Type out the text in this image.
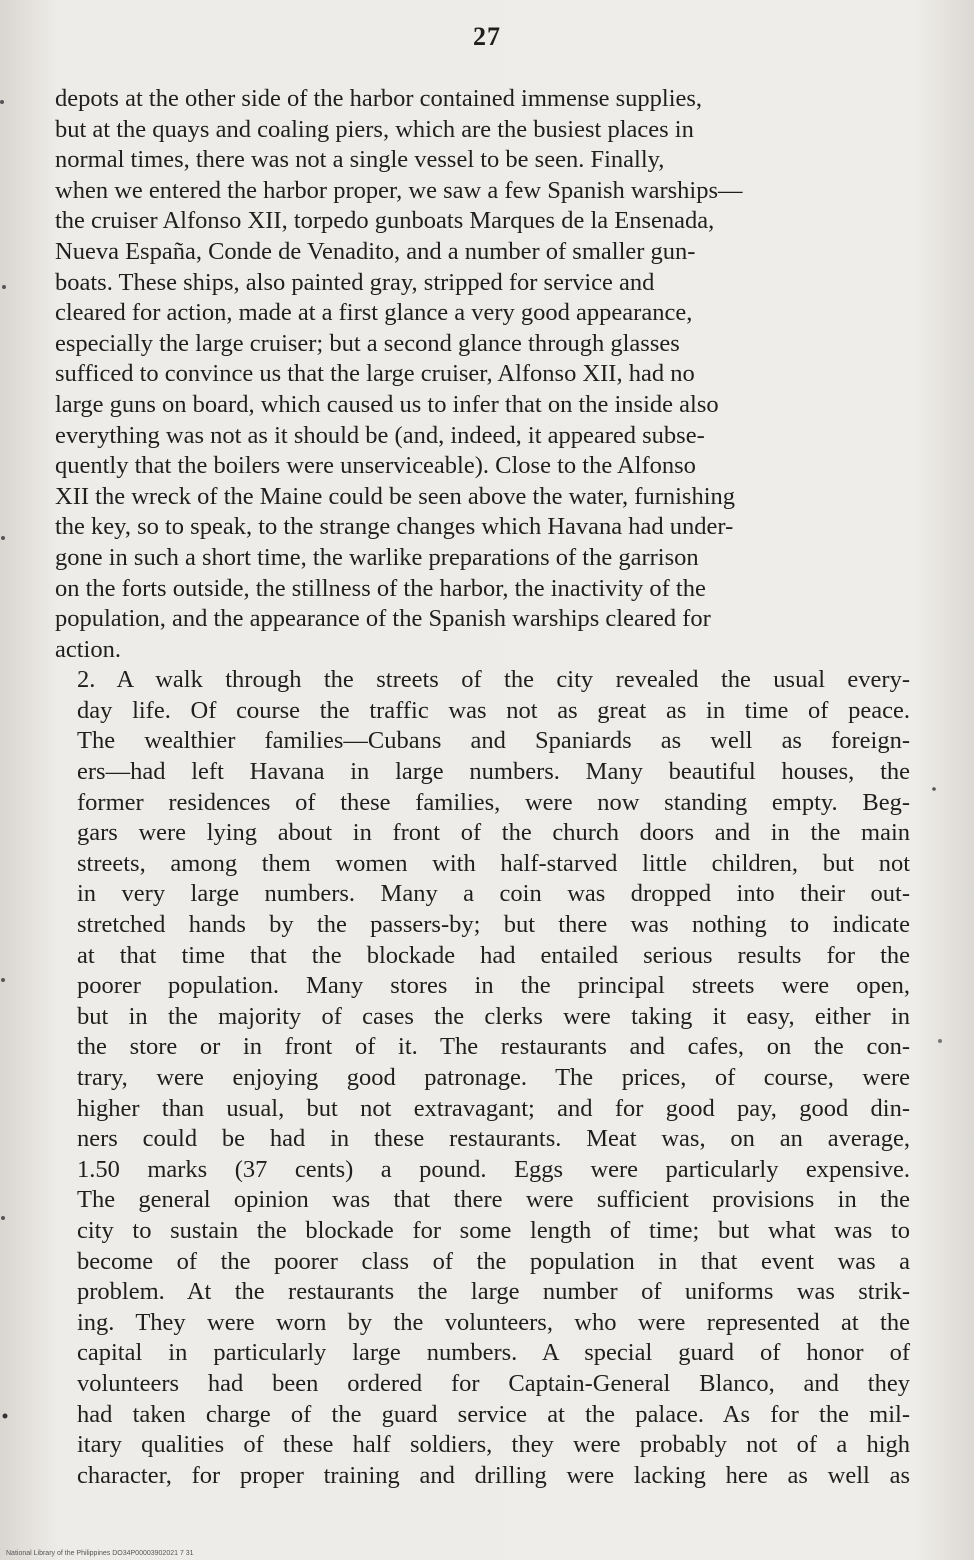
27

depots at the other side of the harbor contained immense supplies,
but at the quays and coaling piers, which are the busiest places in
normal times, there was not a single vessel to be seen. Finally,
when we entered the harbor proper, we saw a few Spanish warships—
the cruiser Alfonso XII, torpedo gunboats Marques de la Ensenada,
Nueva España, Conde de Venadito, and a number of smaller gun-
boats. These ships, also painted gray, stripped for service and
cleared for action, made at a first glance a very good appearance,
especially the large cruiser; but a second glance through glasses
sufficed to convince us that the large cruiser, Alfonso XII, had no
large guns on board, which caused us to infer that on the inside also
everything was not as it should be (and, indeed, it appeared subse-
quently that the boilers were unserviceable). Close to the Alfonso
XII the wreck of the Maine could be seen above the water, furnishing
the key, so to speak, to the strange changes which Havana had under-
gone in such a short time, the warlike preparations of the garrison
on the forts outside, the stillness of the harbor, the inactivity of the
population, and the appearance of the Spanish warships cleared for
action.

2. A walk through the streets of the city revealed the usual every-
day life. Of course the traffic was not as great as in time of peace.
The wealthier families—Cubans and Spaniards as well as foreign-
ers—had left Havana in large numbers. Many beautiful houses, the
former residences of these families, were now standing empty. Beg-
gars were lying about in front of the church doors and in the main
streets, among them women with half-starved little children, but not
in very large numbers. Many a coin was dropped into their out-
stretched hands by the passers-by; but there was nothing to indicate
at that time that the blockade had entailed serious results for the
poorer population. Many stores in the principal streets were open,
but in the majority of cases the clerks were taking it easy, either in
the store or in front of it. The restaurants and cafes, on the con-
trary, were enjoying good patronage. The prices, of course, were
higher than usual, but not extravagant; and for good pay, good din-
ners could be had in these restaurants. Meat was, on an average,
1.50 marks (37 cents) a pound. Eggs were particularly expensive.
The general opinion was that there were sufficient provisions in the
city to sustain the blockade for some length of time; but what was to
become of the poorer class of the population in that event was a
problem. At the restaurants the large number of uniforms was strik-
ing. They were worn by the volunteers, who were represented at the
capital in particularly large numbers. A special guard of honor of
volunteers had been ordered for Captain-General Blanco, and they
had taken charge of the guard service at the palace. As for the mil-
itary qualities of these half soldiers, they were probably not of a high
character, for proper training and drilling were lacking here as well as

National Library of the Philippines DO34P00003902021 7 31
